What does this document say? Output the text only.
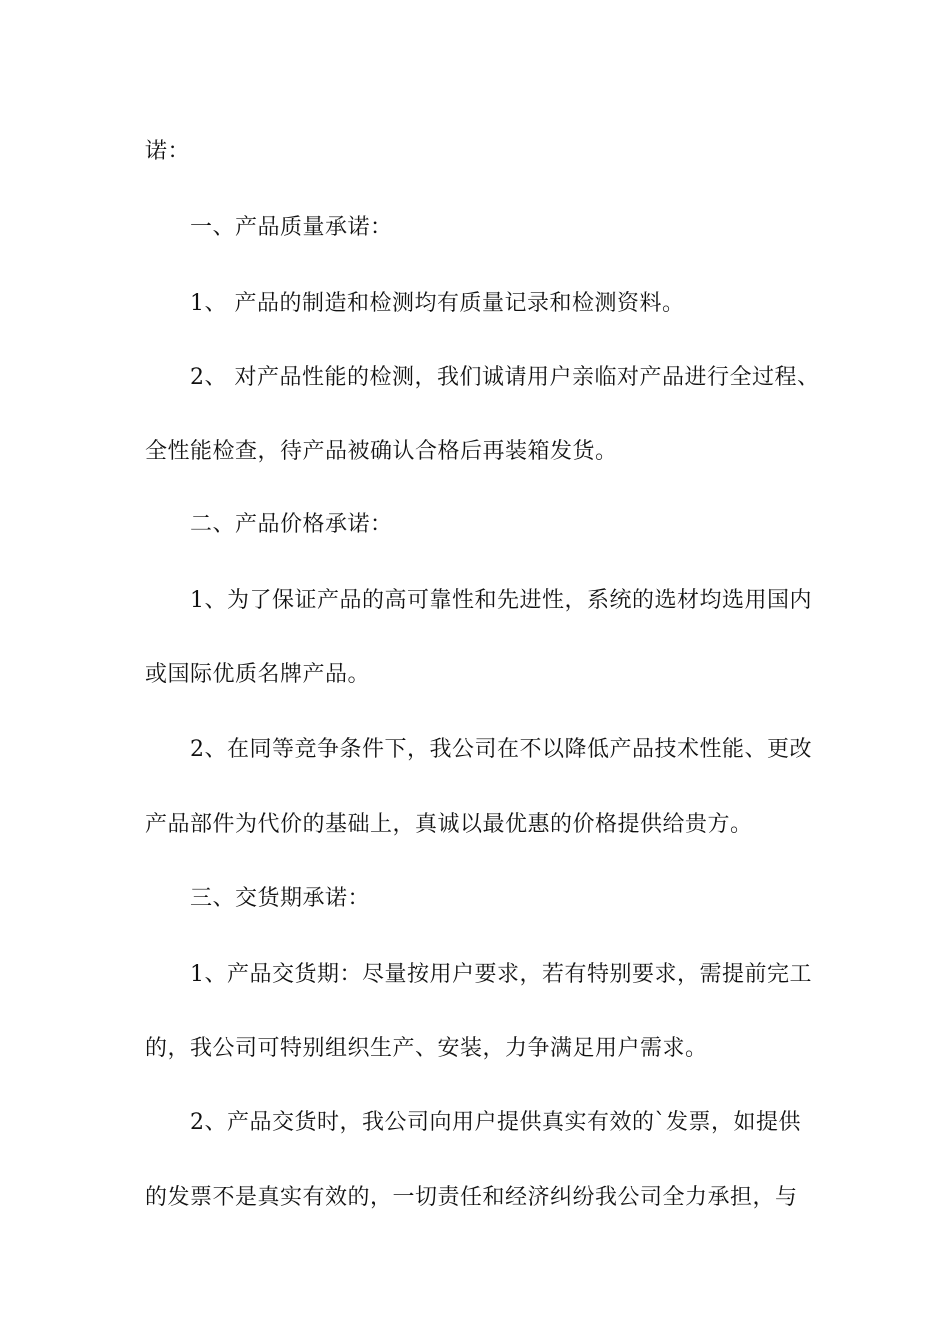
诺：
一、产品质量承诺：
1、 产品的制造和检测均有质量记录和检测资料。
2、 对产品性能的检测，我们诚请用户亲临对产品进行全过程、
全性能检查，待产品被确认合格后再装箱发货。
二、产品价格承诺：
1、为了保证产品的高可靠性和先进性，系统的选材均选用国内
或国际优质名牌产品。
2、在同等竞争条件下，我公司在不以降低产品技术性能、更改
产品部件为代价的基础上，真诚以最优惠的价格提供给贵方。
三、交货期承诺：
1、产品交货期：尽量按用户要求，若有特别要求，需提前完工
的，我公司可特别组织生产、安装，力争满足用户需求。
2、产品交货时，我公司向用户提供真实有效的`发票，如提供
的发票不是真实有效的，一切责任和经济纠纷我公司全力承担，与
